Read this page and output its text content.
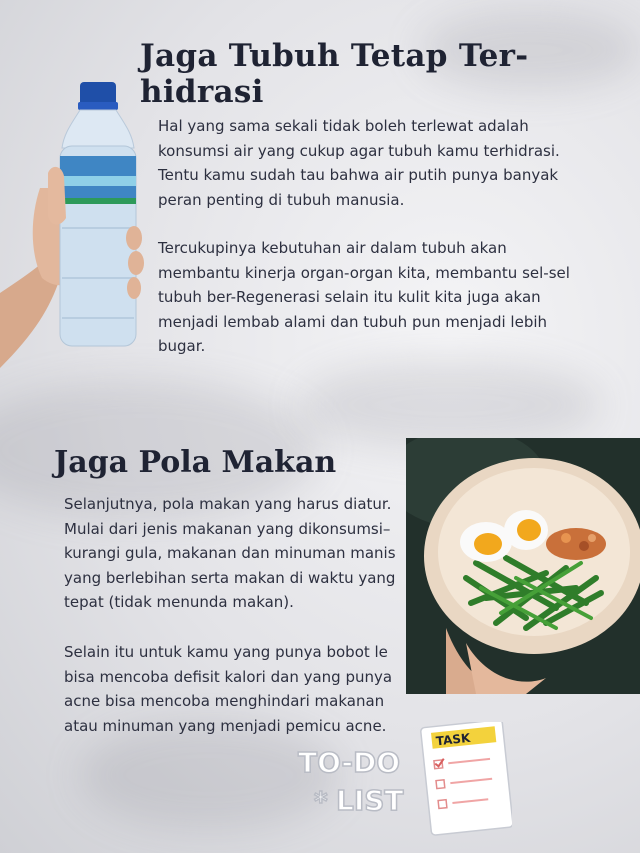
Jaga Tubuh Tetap Ter-hidrasi

Hal yang sama sekali tidak boleh terlewat adalah
konsumsi air yang cukup agar tubuh kamu terhidrasi.
Tentu kamu sudah tau bahwa air putih punya banyak
peran penting di tubuh manusia.

Tercukupinya kebutuhan air dalam tubuh akan
membantu kinerja organ-organ kita, membantu sel-sel
tubuh ber-Regenerasi selain itu kulit kita juga akan
menjadi lembab alami dan tubuh pun menjadi lebih
bugar.

Jaga Pola Makan

Selanjutnya, pola makan yang harus diatur.
Mulai dari jenis makanan yang dikonsumsi–
kurangi gula, makanan dan minuman manis
yang berlebihan serta makan di waktu yang
tepat (tidak menunda makan).

Selain itu untuk kamu yang punya bobot le
bisa mencoba defisit kalori dan yang punya
acne bisa mencoba menghindari makanan
atau minuman yang menjadi pemicu acne.

TO-DO
LIST
*
TASK
